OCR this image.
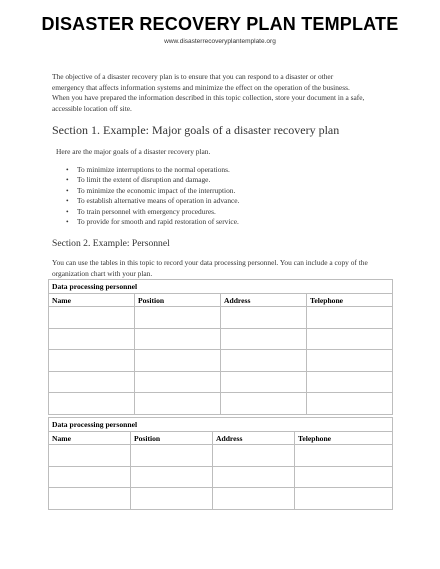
DISASTER RECOVERY PLAN TEMPLATE
www.disasterrecoveryplantemplate.org
The objective of a disaster recovery plan is to ensure that you can respond to a disaster or other
emergency that affects information systems and minimize the effect on the operation of the business.
When you have prepared the information described in this topic collection, store your document in a safe,
accessible location off site.
Section 1. Example: Major goals of a disaster recovery plan
Here are the major goals of a disaster recovery plan.
• To minimize interruptions to the normal operations.
• To limit the extent of disruption and damage.
• To minimize the economic impact of the interruption.
• To establish alternative means of operation in advance.
• To train personnel with emergency procedures.
• To provide for smooth and rapid restoration of service.
Section 2. Example: Personnel
You can use the tables in this topic to record your data processing personnel. You can include a copy of the
organization chart with your plan.
Data processing personnel			
Name	Position	Address	Telephone

Data processing personnel			
Name	Position	Address	Telephone
